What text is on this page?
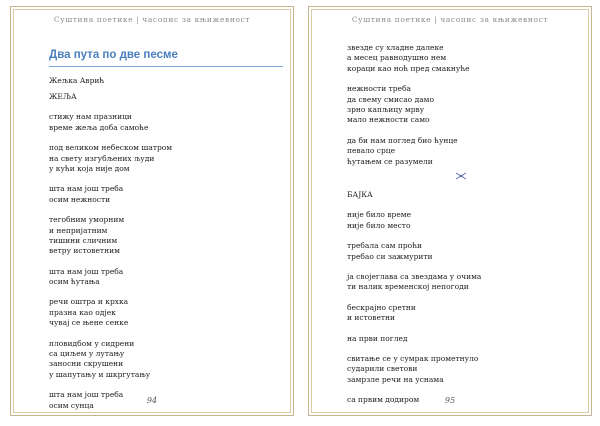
Суштина поетике | часопис за књижевност
Два пута по две песме
Жељка Аврић
ЖЕЉА
стижу нам празници
време жеља доба самоће
под великом небеском шатром
на свету изгубљених људи
у кући која није дом
шта нам још треба
осим нежности
тегобним уморним
и непријатним
тишини сличним
ветру истоветним
шта нам још треба
осим ћутања
речи оштра и крхка
празна као одјек
чувај се њене сенке
пловидбом у сидрени
са циљем у лутању
заносни скрушени
у шапутању и шкргутању
шта нам још треба
осим сунца
94
Суштина поетике | часопис за књижевност
звезде су хладне далеке
а месец равнодушно нем
кораци као ноћ пред смакнуће
нежности треба
да свему смисао дамо
зрно капљицу мрву
мало нежности само
да би нам поглед био ћунце
певало срце
ћутањем се разумели
БАЈКА
није било време
није било место
требала сам проћи
требао си зажмурити
ја својеглава са звездама у очима
ти налик временској непогоди
бескрајно сретни
и истоветни
на први поглед
свитање се у сумрак прометнуло
сударили светови
замрзле речи на уснама
са првим додиром	95
